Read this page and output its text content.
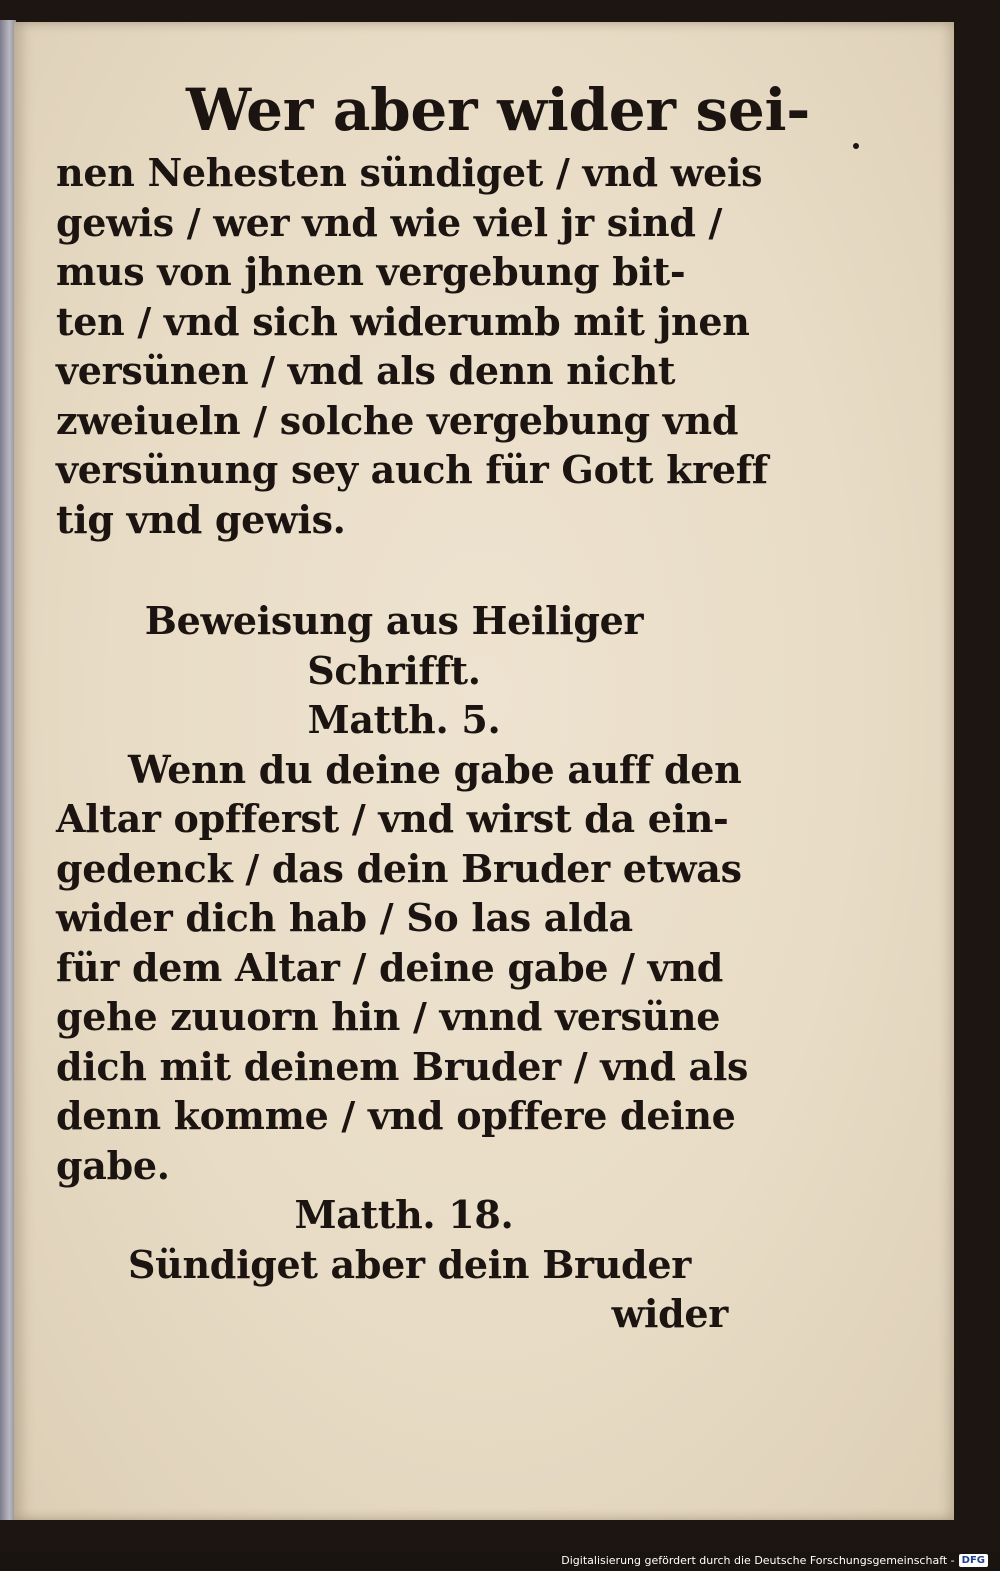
Wer aber wider sei-
nen Nehesten sündiget / vnd weis
gewis / wer vnd wie viel jr sind /
mus von jhnen vergebung bit-
ten / vnd sich widerumb mit jnen
versünen / vnd als denn nicht
zweiueln / solche vergebung vnd
versünung sey auch für Gott kreff
tig vnd gewis.
Beweisung aus Heiliger
Schrifft.
Matth. 5.
Wenn du deine gabe auff den
Altar opfferst / vnd wirst da ein-
gedenck / das dein Bruder etwas
wider dich hab / So las alda
für dem Altar / deine gabe / vnd
gehe zuuorn hin / vnnd versüne
dich mit deinem Bruder / vnd als
denn komme / vnd opffere deine
gabe.
Matth. 18.
Sündiget aber dein Bruder
wider
Digitalisierung gefördert durch die Deutsche Forschungsgemeinschaft - DFG
